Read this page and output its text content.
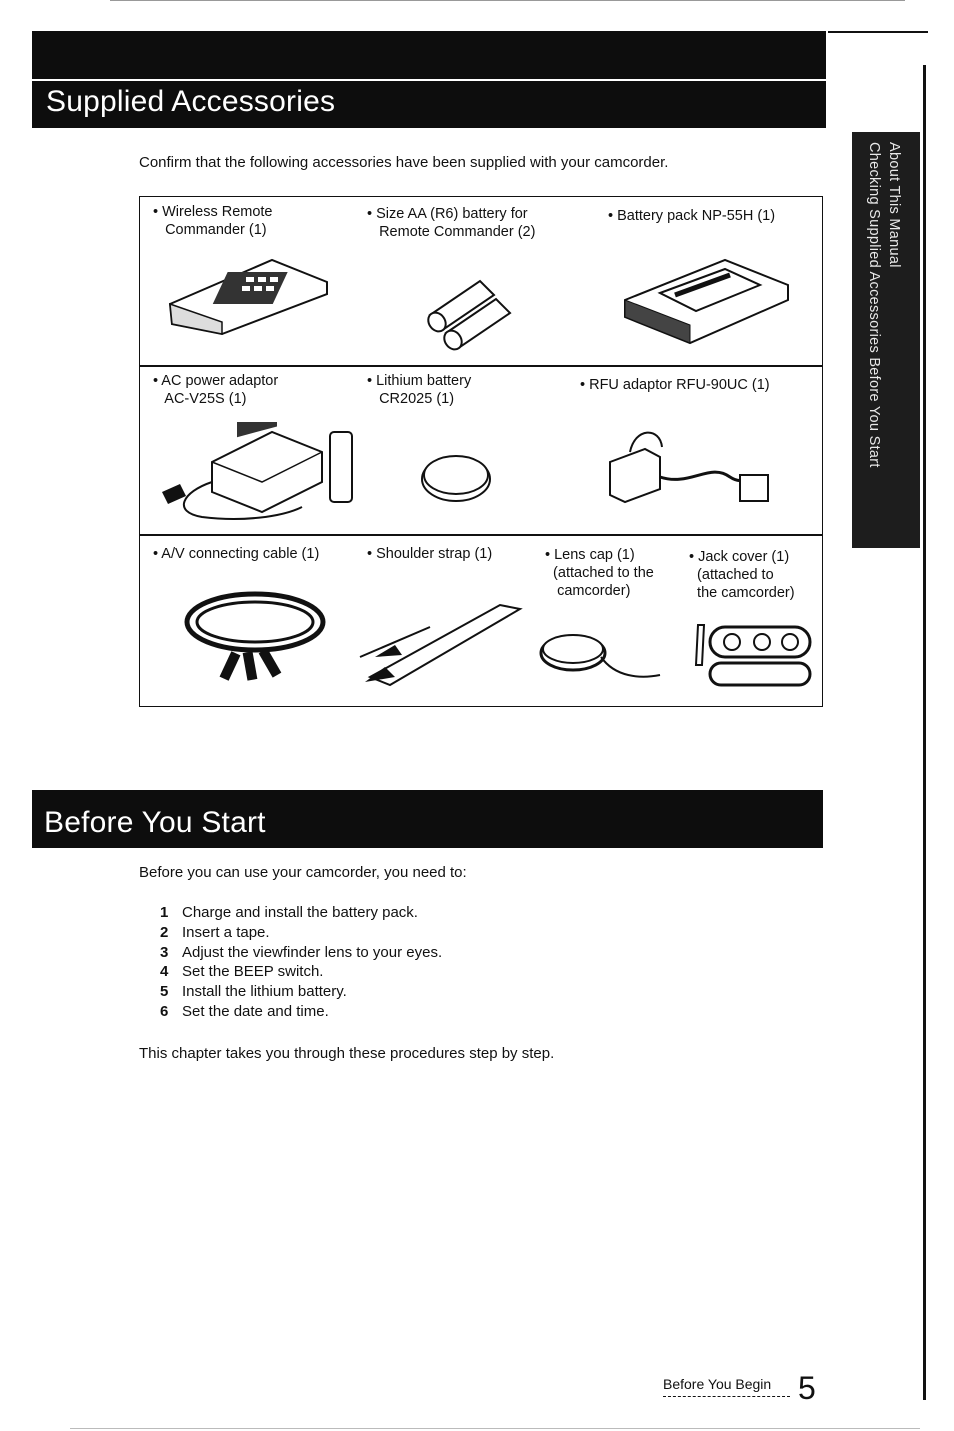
Supplied Accessories
About This Manual
Checking Supplied Accessories Before You Start
Confirm that the following accessories have been supplied with your camcorder.
• Wireless Remote
Commander (1)
• Size AA (R6) battery for
Remote Commander (2)
• Battery pack NP-55H (1)
• AC power adaptor
AC-V25S (1)
• Lithium battery
CR2025 (1)
• RFU adaptor RFU-90UC (1)
• A/V connecting cable (1)	• Shoulder strap (1)	• Lens cap (1)
(attached to the
camcorder)
• Jack cover (1)
(attached to
the camcorder)
Before You Start
Before you can use your camcorder, you need to:
1 Charge and install the battery pack.
2 Insert a tape.
3 Adjust the viewfinder lens to your eyes.
4 Set the BEEP switch.
5 Install the lithium battery.
6 Set the date and time.
This chapter takes you through these procedures step by step.
Before You Begin 5
